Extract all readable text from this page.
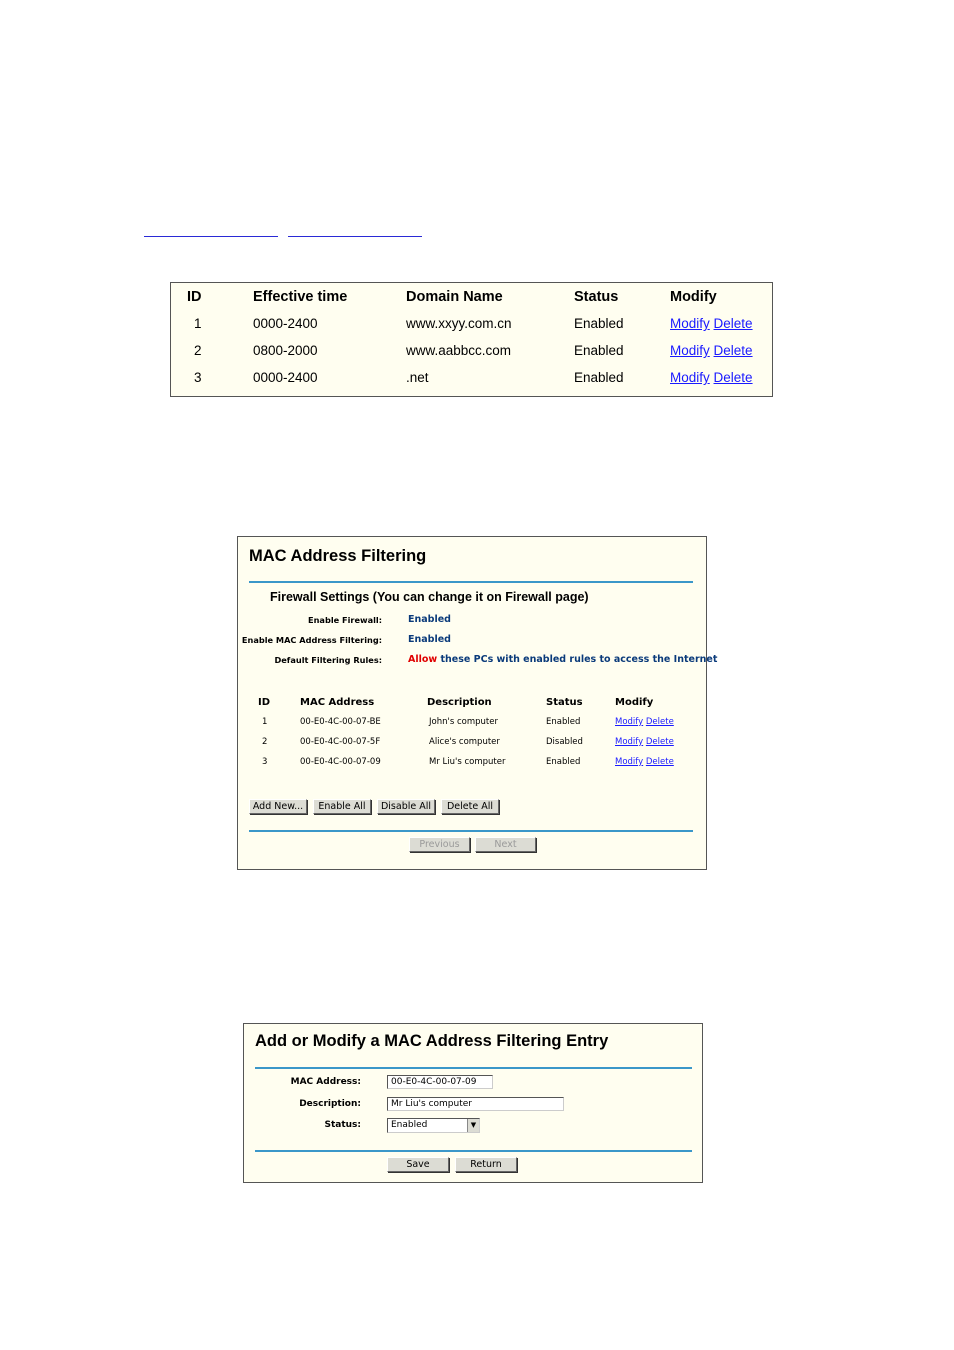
ID	Effective time	Domain Name	Status	Modify
1	0000-2400	www.xxyy.com.cn	Enabled	Modify Delete
2	0800-2000	www.aabbcc.com	Enabled	Modify Delete
3	0000-2400	.net	Enabled	Modify Delete
MAC Address Filtering
Firewall Settings (You can change it on Firewall page)
Enable Firewall:	Enabled
Enable MAC Address Filtering:	Enabled
Default Filtering Rules:	Allow these PCs with enabled rules to access the Internet
ID	MAC Address	Description	Status	Modify
1	00-E0-4C-00-07-BE	John's computer	Enabled	Modify Delete
2	00-E0-4C-00-07-5F	Alice's computer	Disabled	Modify Delete
3	00-E0-4C-00-07-09	Mr Liu's computer	Enabled	Modify Delete
Add New...	Enable All	Disable All	Delete All
Previous	Next
Add or Modify a MAC Address Filtering Entry
MAC Address:	00-E0-4C-00-07-09
Description:	Mr Liu's computer
Status:	Enabled	▼
Save	Return
